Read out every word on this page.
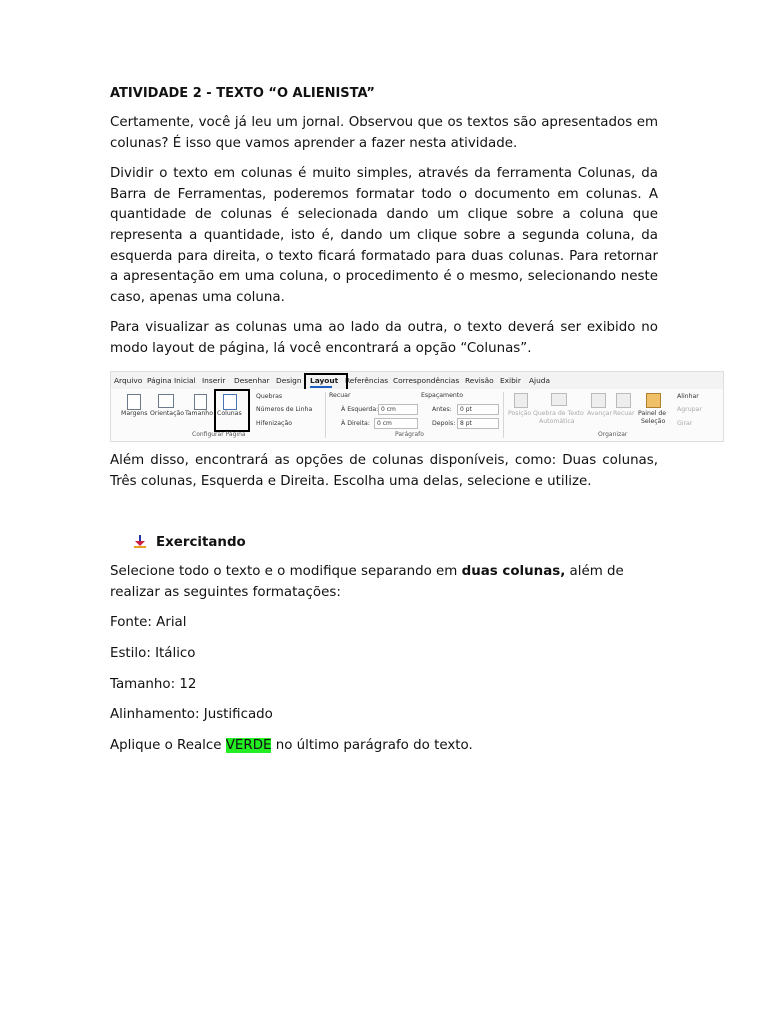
ATIVIDADE 2 - TEXTO “O ALIENISTA”

Certamente, você já leu um jornal. Observou que os textos são apresentados em colunas? É isso que vamos aprender a fazer nesta atividade.

Dividir o texto em colunas é muito simples, através da ferramenta Colunas, da Barra de Ferramentas, poderemos formatar todo o documento em colunas. A quantidade de colunas é selecionada dando um clique sobre a coluna que representa a quantidade, isto é, dando um clique sobre a segunda coluna, da esquerda para direita, o texto ficará formatado para duas colunas. Para retornar a apresentação em uma coluna, o procedimento é o mesmo, selecionando neste caso, apenas uma coluna.

Para visualizar as colunas uma ao lado da outra, o texto deverá ser exibido no modo layout de página, lá você encontrará a opção “Colunas”.

Arquivo Página Inicial Inserir Desenhar Design Layout Referências Correspondências Revisão Exibir Ajuda
Margens Orientação Tamanho Colunas
Quebras
Números de Linha
Hifenização
Configurar Página
Recuar
À Esquerda: 0 cm
À Direita:	0 cm
Espaçamento
Antes:	0 pt
Depois: 8 pt
Parágrafo
Posição Quebra de Texto
Automática
Avançar Recuar Painel de
Seleção
Alinhar
Agrupar
Girar
Organizar

Além disso, encontrará as opções de colunas disponíveis, como: Duas colunas, Três colunas, Esquerda e Direita. Escolha uma delas, selecione e utilize.

Exercitando

Selecione todo o texto e o modifique separando em duas colunas, além de realizar as seguintes formatações:

Fonte: Arial

Estilo: Itálico

Tamanho: 12

Alinhamento: Justificado

Aplique o Realce VERDE no último parágrafo do texto.
